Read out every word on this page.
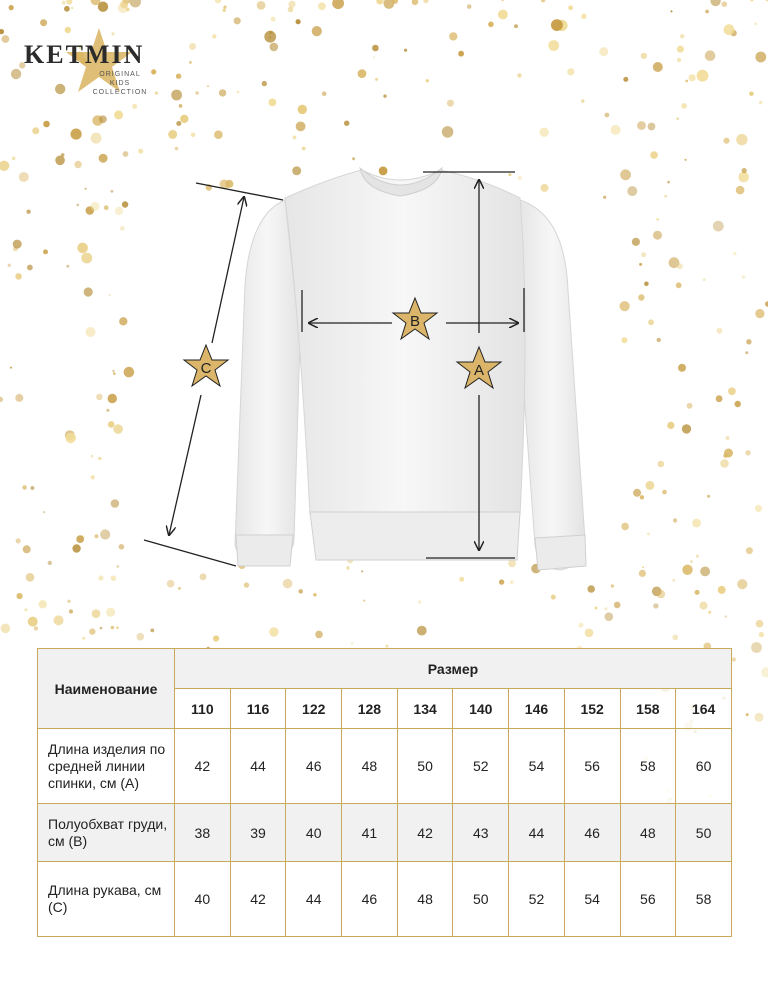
KETMIN
ORIGINAL KIDS
COLLECTION
A
B
C
Наименование	Размер									
	110	116	122	128	134	140	146	152	158	164
Длина изделия по средней линии спинки, см (А)	42	44	46	48	50	52	54	56	58	60
Полуобхват груди, см (В)	38	39	40	41	42	43	44	46	48	50
Длина рукава, см (С)	40	42	44	46	48	50	52	54	56	58
